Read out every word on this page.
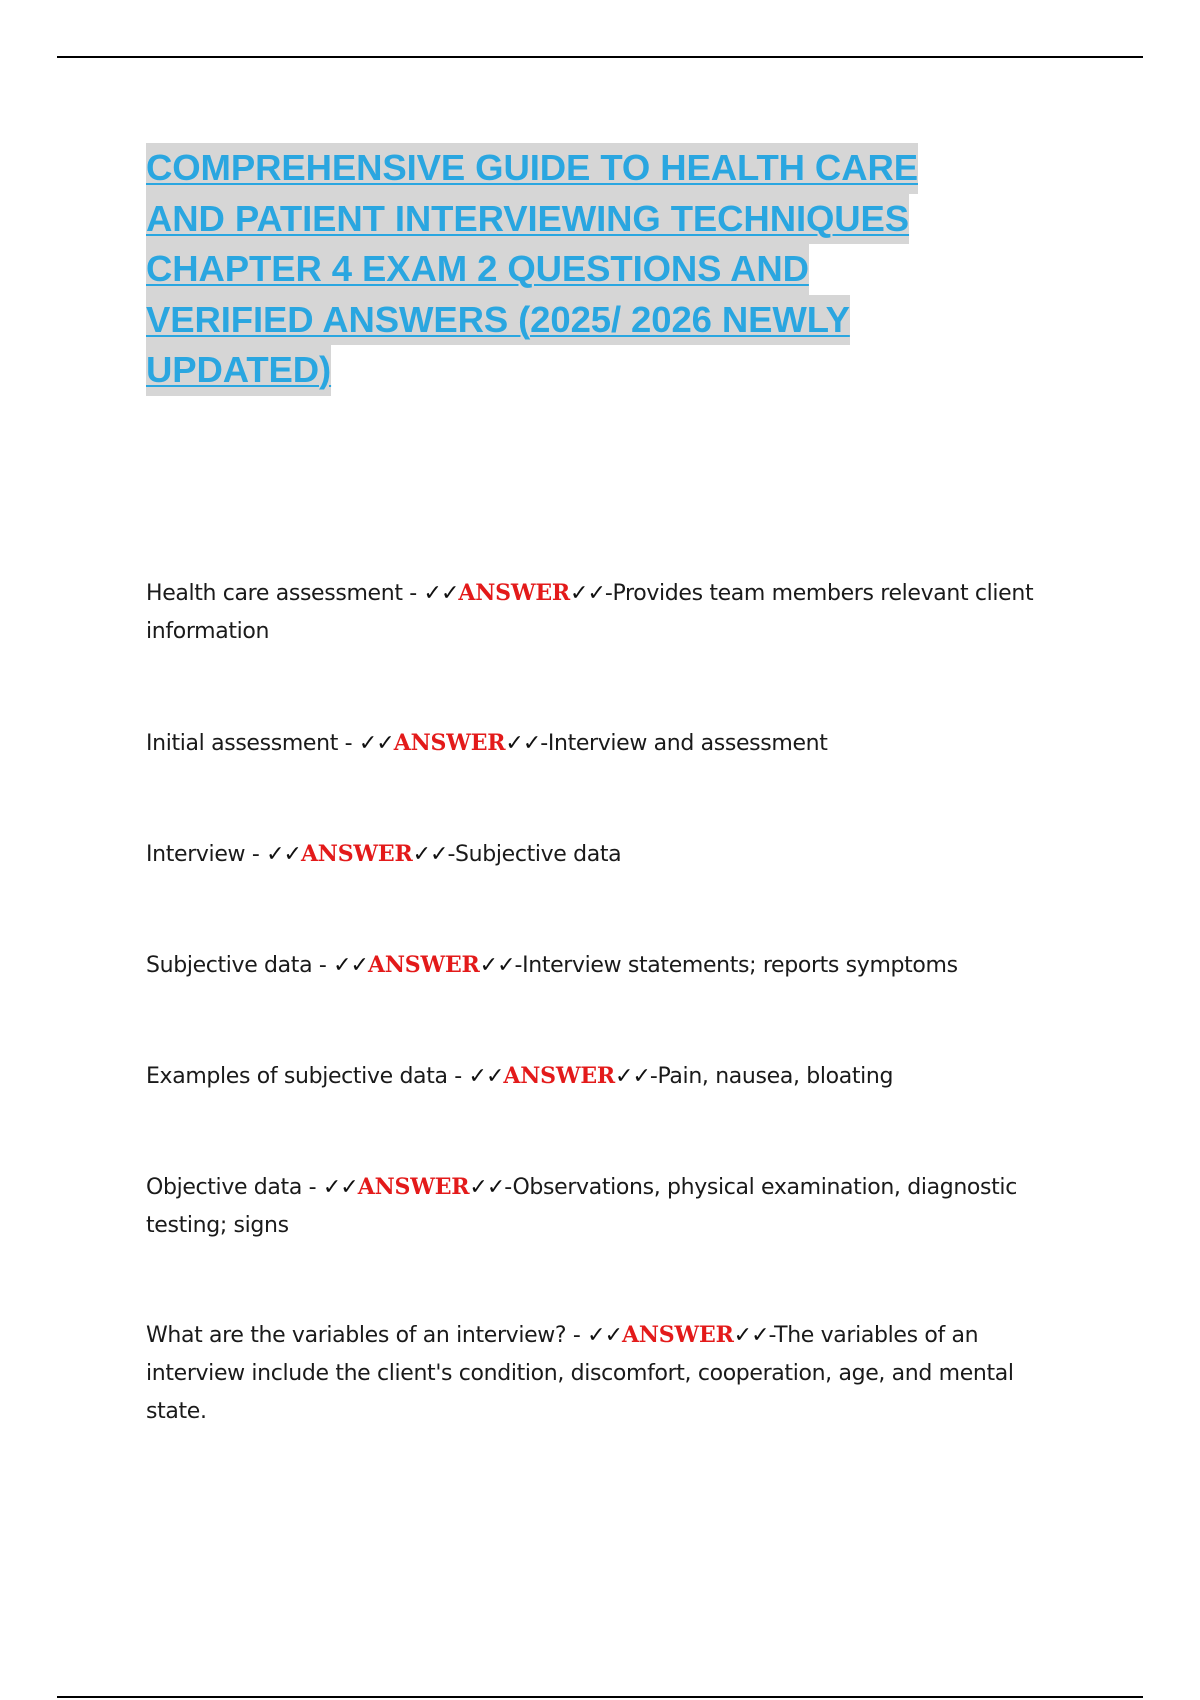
COMPREHENSIVE GUIDE TO HEALTH CARE
AND PATIENT INTERVIEWING TECHNIQUES
CHAPTER 4 EXAM 2 QUESTIONS AND
VERIFIED ANSWERS (2025/ 2026 NEWLY
UPDATED)
Health care assessment - ✓✓ANSWER✓✓-Provides team members relevant client information
Initial assessment - ✓✓ANSWER✓✓-Interview and assessment
Interview - ✓✓ANSWER✓✓-Subjective data
Subjective data - ✓✓ANSWER✓✓-Interview statements; reports symptoms
Examples of subjective data - ✓✓ANSWER✓✓-Pain, nausea, bloating
Objective data - ✓✓ANSWER✓✓-Observations, physical examination, diagnostic testing; signs
What are the variables of an interview? - ✓✓ANSWER✓✓-The variables of an interview include the client's condition, discomfort, cooperation, age, and mental state.
